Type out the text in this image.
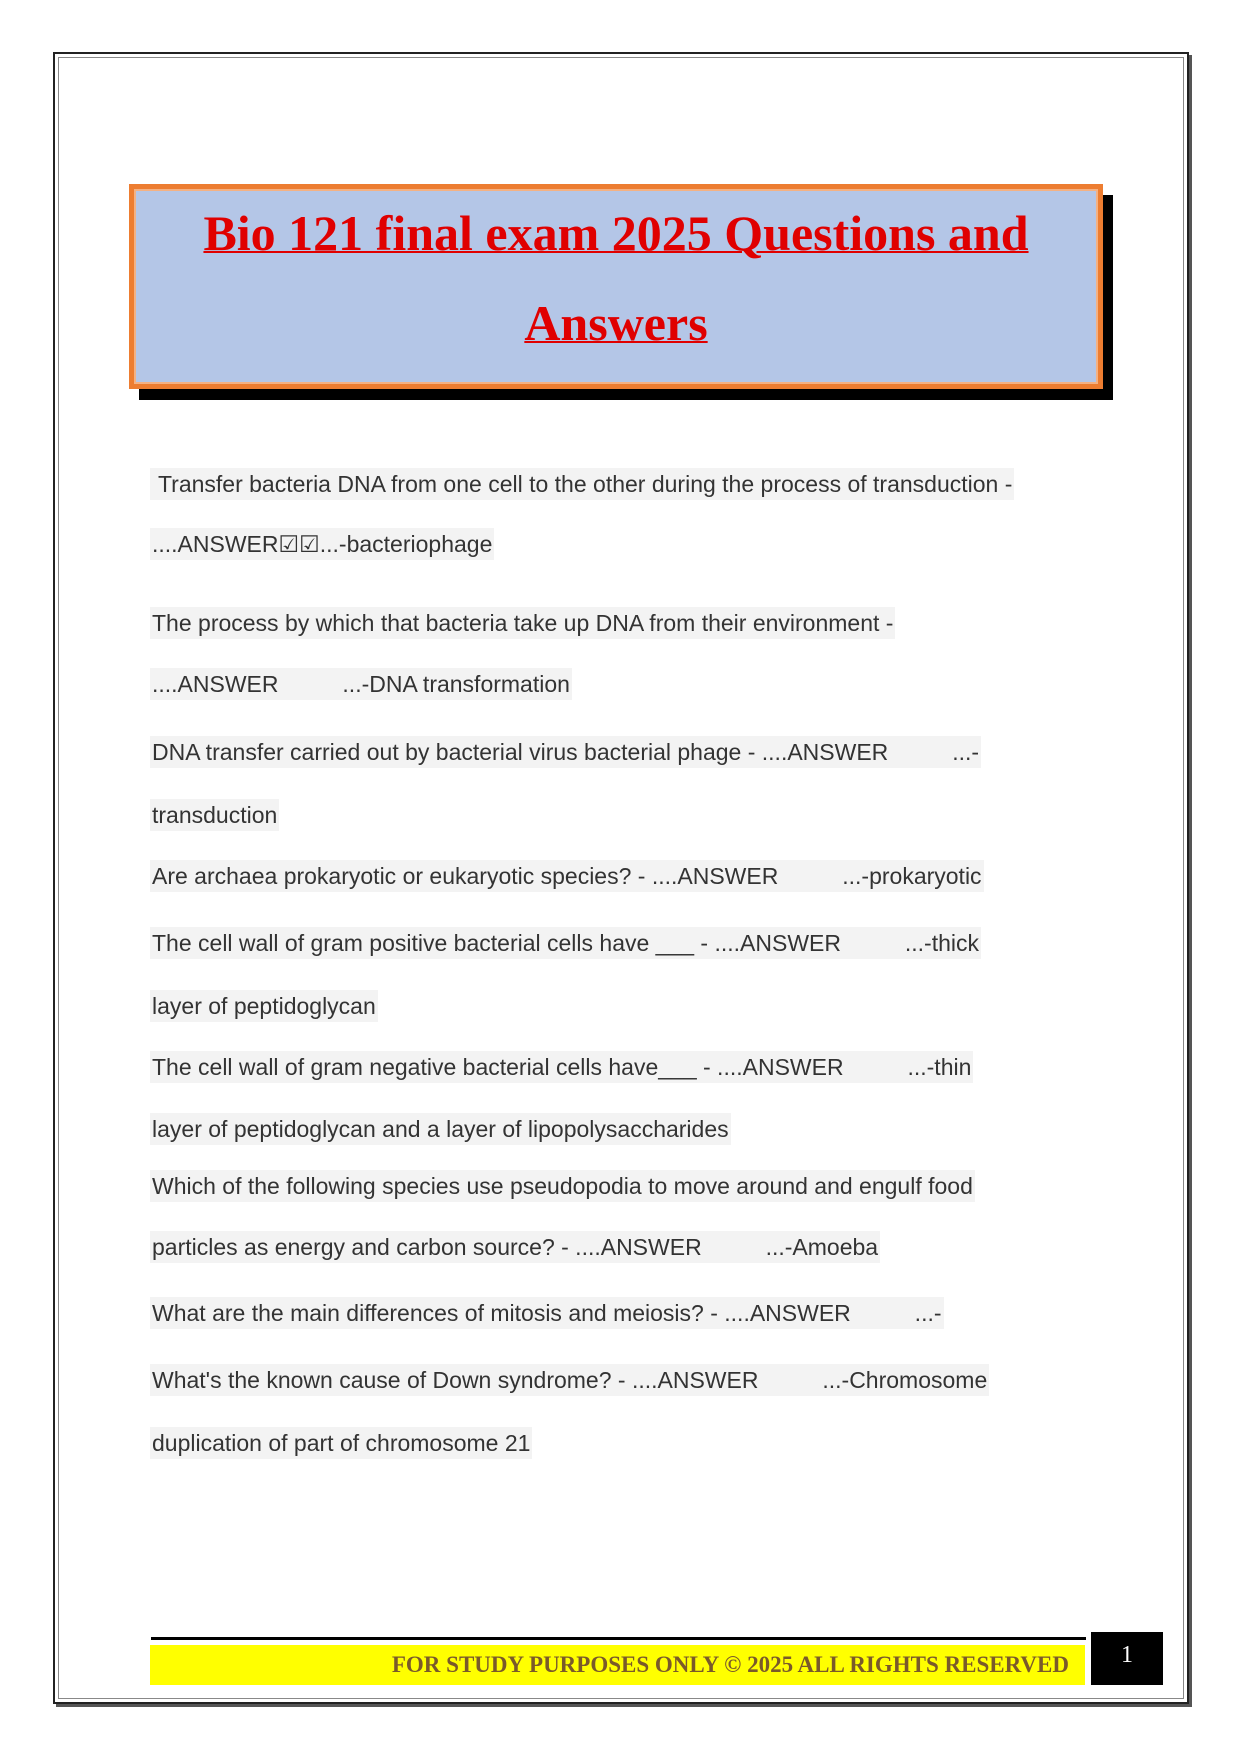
Bio 121 final exam 2025 Questions and
Answers
Transfer bacteria DNA from one cell to the other during the process of transduction -
....ANSWER☑☑...-bacteriophage
The process by which that bacteria take up DNA from their environment -
....ANSWER          ...-DNA transformation
DNA transfer carried out by bacterial virus bacterial phage - ....ANSWER          ...-
transduction
Are archaea prokaryotic or eukaryotic species? - ....ANSWER          ...-prokaryotic
The cell wall of gram positive bacterial cells have ___ - ....ANSWER          ...-thick
layer of peptidoglycan
The cell wall of gram negative bacterial cells have___ - ....ANSWER          ...-thin
layer of peptidoglycan and a layer of lipopolysaccharides
Which of the following species use pseudopodia to move around and engulf food
particles as energy and carbon source? - ....ANSWER          ...-Amoeba
What are the main differences of mitosis and meiosis? - ....ANSWER          ...-
What's the known cause of Down syndrome? - ....ANSWER          ...-Chromosome
duplication of part of chromosome 21
FOR STUDY PURPOSES ONLY © 2025 ALL RIGHTS RESERVED	1
